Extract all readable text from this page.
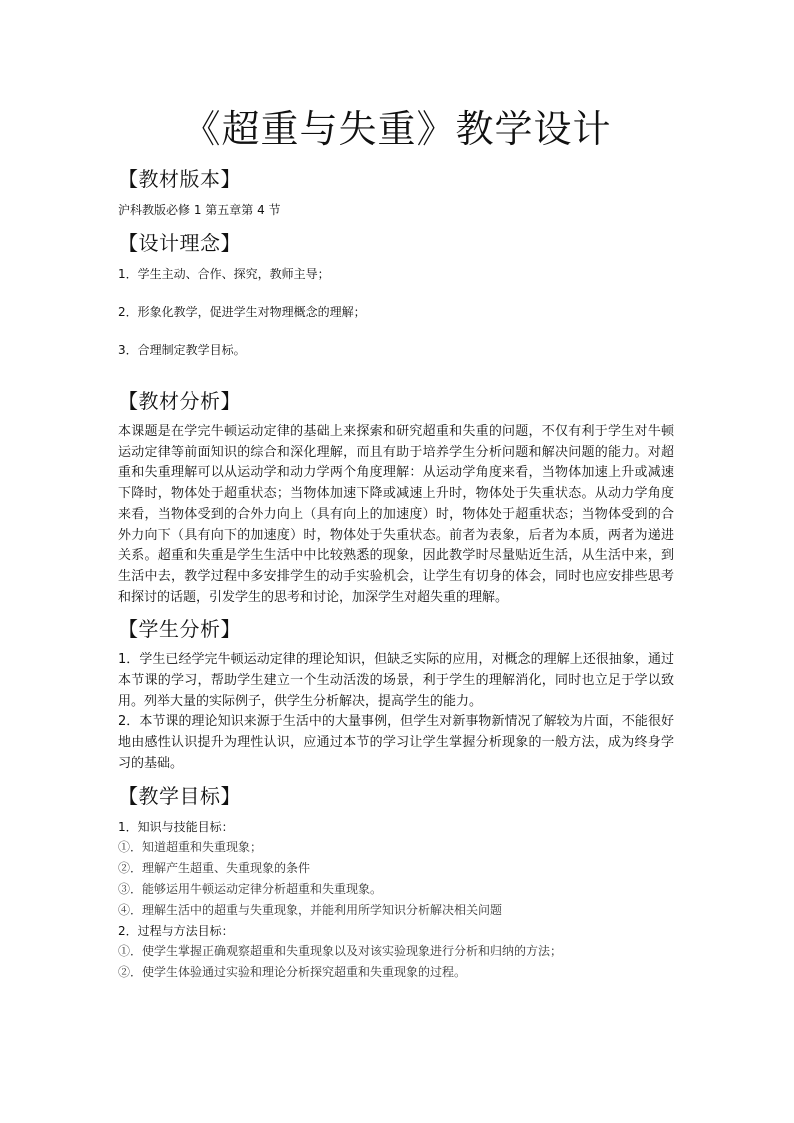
《超重与失重》教学设计
【教材版本】

沪科教版必修 1 第五章第 4 节

【设计理念】

1．学生主动、合作、探究，教师主导；

2．形象化教学，促进学生对物理概念的理解；

3．合理制定教学目标。

【教材分析】

本课题是在学完牛顿运动定律的基础上来探索和研究超重和失重的问题，不仅有利于学生对牛顿运动定律等前面知识的综合和深化理解，而且有助于培养学生分析问题和解决问题的能力。对超重和失重理解可以从运动学和动力学两个角度理解：从运动学角度来看，当物体加速上升或减速下降时，物体处于超重状态；当物体加速下降或减速上升时，物体处于失重状态。从动力学角度来看，当物体受到的合外力向上（具有向上的加速度）时，物体处于超重状态；当物体受到的合外力向下（具有向下的加速度）时，物体处于失重状态。前者为表象，后者为本质，两者为递进关系。超重和失重是学生生活中中比较熟悉的现象，因此教学时尽量贴近生活，从生活中来，到生活中去，教学过程中多安排学生的动手实验机会，让学生有切身的体会，同时也应安排些思考和探讨的话题，引发学生的思考和讨论，加深学生对超失重的理解。

【学生分析】

1．学生已经学完牛顿运动定律的理论知识，但缺乏实际的应用，对概念的理解上还很抽象，通过本节课的学习，帮助学生建立一个生动活泼的场景，利于学生的理解消化，同时也立足于学以致用。列举大量的实际例子，供学生分析解决，提高学生的能力。

2．本节课的理论知识来源于生活中的大量事例，但学生对新事物新情况了解较为片面，不能很好地由感性认识提升为理性认识，应通过本节的学习让学生掌握分析现象的一般方法，成为终身学习的基础。

【教学目标】

1．知识与技能目标：

①．知道超重和失重现象；

②．理解产生超重、失重现象的条件

③．能够运用牛顿运动定律分析超重和失重现象。

④．理解生活中的超重与失重现象，并能利用所学知识分析解决相关问题

2．过程与方法目标：

①．使学生掌握正确观察超重和失重现象以及对该实验现象进行分析和归纳的方法；

②．使学生体验通过实验和理论分析探究超重和失重现象的过程。
